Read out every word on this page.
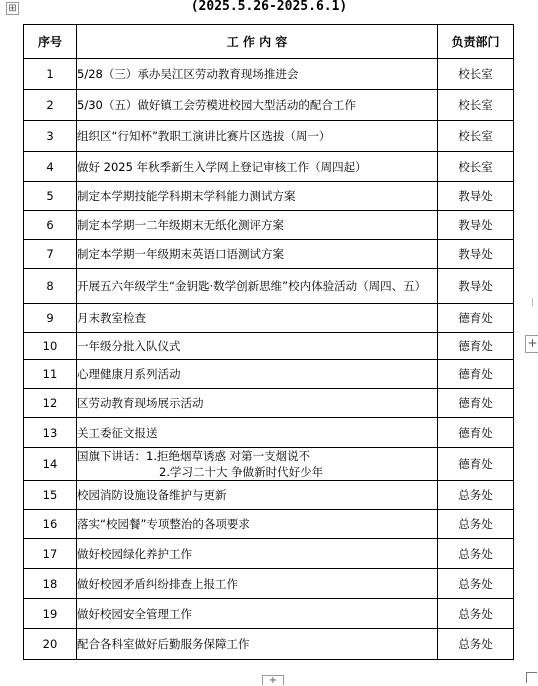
⊞	(2025.5.26-2025.6.1)
序号	工 作 内 容	负责部门
1	5/28（三）承办吴江区劳动教育现场推进会	校长室
2	5/30（五）做好镇工会劳模进校园大型活动的配合工作	校长室
3	组织区“行知杯”教职工演讲比赛片区选拔（周一）	校长室
4	做好 2025 年秋季新生入学网上登记审核工作（周四起）	校长室
5	制定本学期技能学科期末学科能力测试方案	教导处
6	制定本学期一二年级期末无纸化测评方案	教导处
7	制定本学期一年级期末英语口语测试方案	教导处
8	开展五六年级学生“金钥匙·数学创新思维”校内体验活动（周四、五）	教导处
9	月末教室检查	德育处
10	一年级分批入队仪式	德育处
11	心理健康月系列活动	德育处
12	区劳动教育现场展示活动	德育处
13	关工委征文报送	德育处
14	国旗下讲话：1.拒绝烟草诱惑 对第一支烟说不
2.学习二十大 争做新时代好少年	德育处
15	校园消防设施设备维护与更新	总务处
16	落实“校园餐”专项整治的各项要求	总务处
17	做好校园绿化养护工作	总务处
18	做好校园矛盾纠纷排查上报工作	总务处
19	做好校园安全管理工作	总务处
20	配合各科室做好后勤服务保障工作	总务处
+
+
